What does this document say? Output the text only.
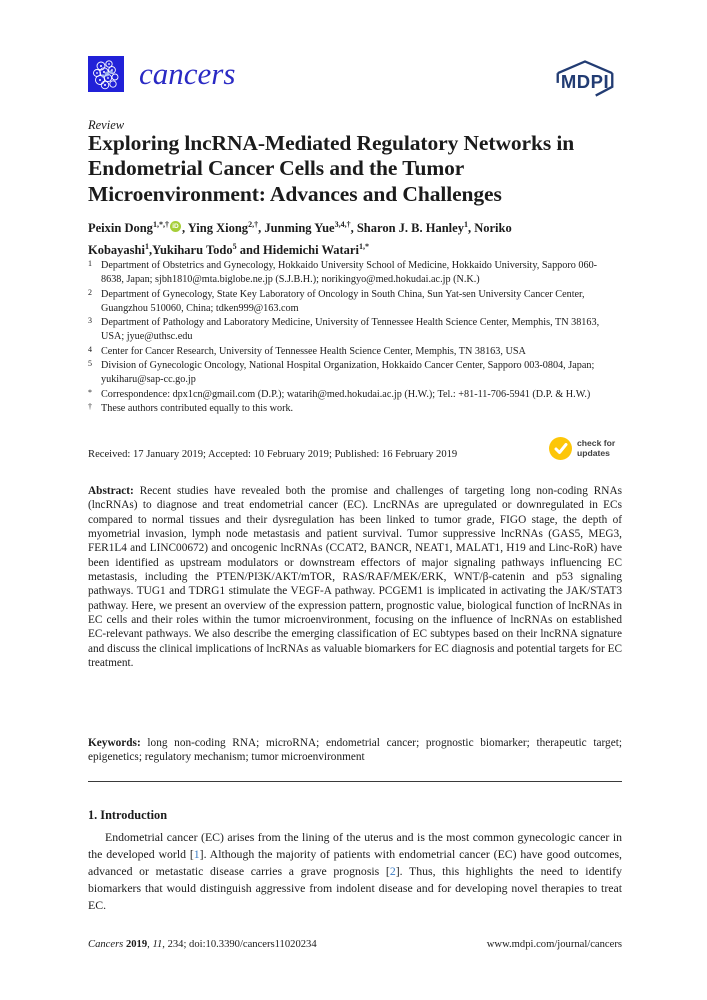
cancers	MDPI
Review
Exploring lncRNA-Mediated Regulatory Networks in Endometrial Cancer Cells and the Tumor Microenvironment: Advances and Challenges
Peixin Dong$^{1,*,\dagger}$ iD , Ying Xiong$^{2,\dagger}$, Junming Yue$^{3,4,\dagger}$, Sharon J. B. Hanley$^1$, Noriko Kobayashi$^1$,Yukiharu Todo$^5$ and Hidemichi Watari$^{1,*}$
1 Department of Obstetrics and Gynecology, Hokkaido University School of Medicine, Hokkaido University, Sapporo 060-8638, Japan; sjbh1810@mta.biglobe.ne.jp (S.J.B.H.); norikingyo@med.hokudai.ac.jp (N.K.)
2 Department of Gynecology, State Key Laboratory of Oncology in South China, Sun Yat-sen University Cancer Center, Guangzhou 510060, China; tdken999@163.com
3 Department of Pathology and Laboratory Medicine, University of Tennessee Health Science Center, Memphis, TN 38163, USA; jyue@uthsc.edu
4 Center for Cancer Research, University of Tennessee Health Science Center, Memphis, TN 38163, USA
5 Division of Gynecologic Oncology, National Hospital Organization, Hokkaido Cancer Center, Sapporo 003-0804, Japan; yukiharu@sap-cc.go.jp
* Correspondence: dpx1cn@gmail.com (D.P.); watarih@med.hokudai.ac.jp (H.W.); Tel.: +81-11-706-5941 (D.P. & H.W.)
† These authors contributed equally to this work.
Received: 17 January 2019; Accepted: 10 February 2019; Published: 16 February 2019
check for
updates

Abstract: Recent studies have revealed both the promise and challenges of targeting long non-coding RNAs (lncRNAs) to diagnose and treat endometrial cancer (EC). LncRNAs are upregulated or downregulated in ECs compared to normal tissues and their dysregulation has been linked to tumor grade, FIGO stage, the depth of myometrial invasion, lymph node metastasis and patient survival. Tumor suppressive lncRNAs (GAS5, MEG3, FER1L4 and LINC00672) and oncogenic lncRNAs (CCAT2, BANCR, NEAT1, MALAT1, H19 and Linc-RoR) have been identified as upstream modulators or downstream effectors of major signaling pathways influencing EC metastasis, including the PTEN/PI3K/AKT/mTOR, RAS/RAF/MEK/ERK, WNT/β-catenin and p53 signaling pathways. TUG1 and TDRG1 stimulate the VEGF-A pathway. PCGEM1 is implicated in activating the JAK/STAT3 pathway. Here, we present an overview of the expression pattern, prognostic value, biological function of lncRNAs in EC cells and their roles within the tumor microenvironment, focusing on the influence of lncRNAs on established EC-relevant pathways. We also describe the emerging classification of EC subtypes based on their lncRNA signature and discuss the clinical implications of lncRNAs as valuable biomarkers for EC diagnosis and potential targets for EC treatment.

Keywords: long non-coding RNA; microRNA; endometrial cancer; prognostic biomarker; therapeutic target; epigenetics; regulatory mechanism; tumor microenvironment

1. Introduction

Endometrial cancer (EC) arises from the lining of the uterus and is the most common gynecologic cancer in the developed world [1]. Although the majority of patients with endometrial cancer (EC) have good outcomes, advanced or metastatic disease carries a grave prognosis [2]. Thus, this highlights the need to identify biomarkers that would distinguish aggressive from indolent disease and for developing novel therapies to treat EC.

Cancers 2019, 11, 234; doi:10.3390/cancers11020234	www.mdpi.com/journal/cancers
